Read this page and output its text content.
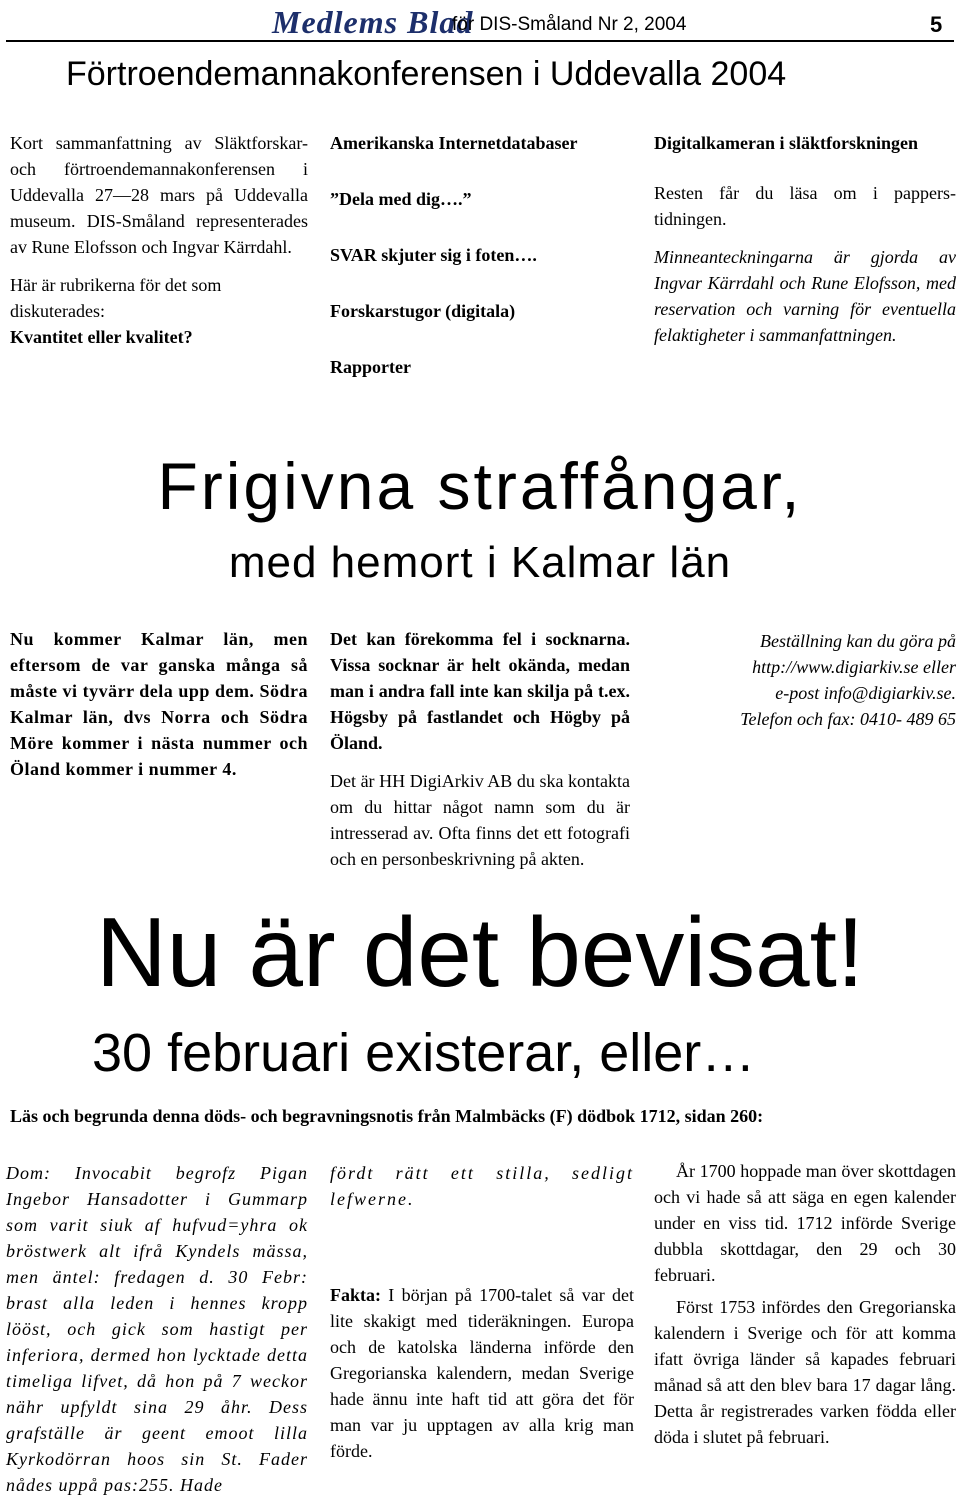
Medlems Blad
för DIS-Småland Nr 2, 2004	5
Förtroendemannakonferensen i Uddevalla 2004

Kort sammanfattning av Släktforskar- och förtroendemannakonferensen i Uddevalla 27—28 mars på Uddevalla museum. DIS-Småland representerades av Rune Elofsson och Ingvar Kärrdahl.

Här är rubrikerna för det som diskuterades:

Kvantitet eller kvalitet?

Amerikanska Internetdatabaser

”Dela med dig….”

SVAR skjuter sig i foten….

Forskarstugor (digitala)

Rapporter

Digitalkameran i släktforskningen

Resten får du läsa om i pappers-tidningen.

Minneanteckningarna är gjorda av Ingvar Kärrdahl och Rune Elofsson, med reservation och varning för eventuella felaktigheter i sammanfattningen.

Frigivna straffångar,
med hemort i Kalmar län

Nu kommer Kalmar län, men eftersom de var ganska många så måste vi tyvärr dela upp dem. Södra Kalmar län, dvs Norra och Södra Möre kommer i nästa nummer och Öland kommer i nummer 4.

Det kan förekomma fel i socknarna. Vissa socknar är helt okända, medan man i andra fall inte kan skilja på t.ex. Högsby på fastlandet och Högby på Öland.

Det är HH DigiArkiv AB du ska kontakta om du hittar något namn som du är intresserad av. Ofta finns det ett fotografi och en personbeskrivning på akten.

Beställning kan du göra på

http://www.digiarkiv.se eller

e-post info@digiarkiv.se.

Telefon och fax: 0410- 489 65

Nu är det bevisat!
30 februari existerar, eller…
Läs och begrunda denna döds- och begravningsnotis från Malmbäcks (F) dödbok 1712, sidan 260:

Dom: Invocabit begrofz Pigan Ingebor Hansadotter i Gummarp som varit siuk af hufvud=yhra ok bröstwerk alt ifrå Kyndels mässa, men äntel: fredagen d. 30 Febr: brast alla leden i hennes kropp lööst, och gick som hastigt per inferiora, dermed hon lycktade detta timeliga lifvet, då hon på 7 weckor nähr upfyldt sina 29 åhr. Dess grafställe är geent emoot lilla Kyrkodörran hoos sin St. Fader nådes uppå pas:255. Hade

fördt rätt ett stilla, sedligt lefwerne.

Fakta: I början på 1700-talet så var det lite skakigt med tideräkningen. Europa och de katolska länderna införde den Gregorianska kalendern, medan Sverige hade ännu inte haft tid att göra det för man var ju upptagen av alla krig man förde.

År 1700 hoppade man över skottdagen och vi hade så att säga en egen kalender under en viss tid. 1712 införde Sverige dubbla skottdagar, den 29 och 30 februari.

Först 1753 infördes den Gregorianska kalendern i Sverige och för att komma ifatt övriga länder så kapades februari månad så att den blev bara 17 dagar lång. Detta år registrerades varken födda eller döda i slutet på februari.
